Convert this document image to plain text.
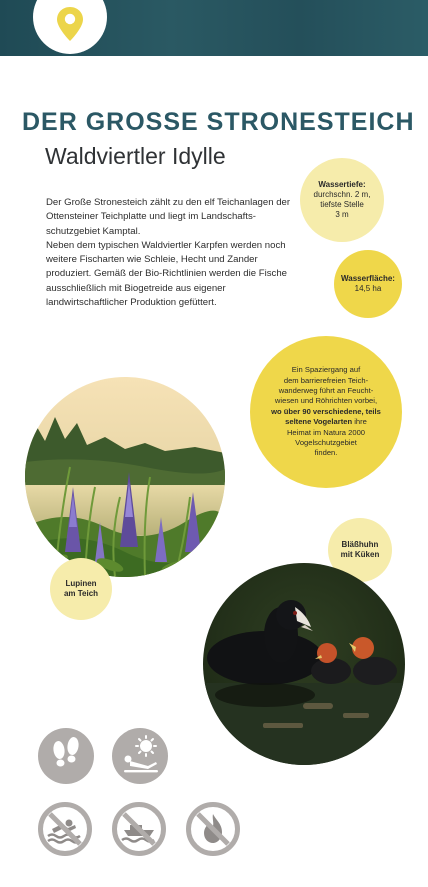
DER GROSSE STRONESTEICH
Waldviertler Idylle

Der Große Stronesteich zählt zu den elf Teichanlagen der Ottensteiner Teichplatte und liegt im Landschafts-schutzgebiet Kamptal.

Neben dem typischen Waldviertler Karpfen werden noch weitere Fischarten wie Schleie, Hecht und Zander produziert. Gemäß der Bio-Richtlinien werden die Fische ausschließlich mit Biogetreide aus eigener landwirtschaftlicher Produktion gefüttert.

Wassertiefe:
durchschn. 2 m,
tiefste Stelle
3 m
Wasserfläche:
14,5 ha
Ein Spaziergang auf
dem barrierefreien Teich-
wanderweg führt an Feucht-
wiesen und Röhrichten vorbei,
wo über 90 verschiedene, teils
seltene Vogelarten ihre
Heimat im Natura 2000
Vogelschutzgebiet
finden.
Lupinen
am Teich
Bläßhuhn
mit Küken
